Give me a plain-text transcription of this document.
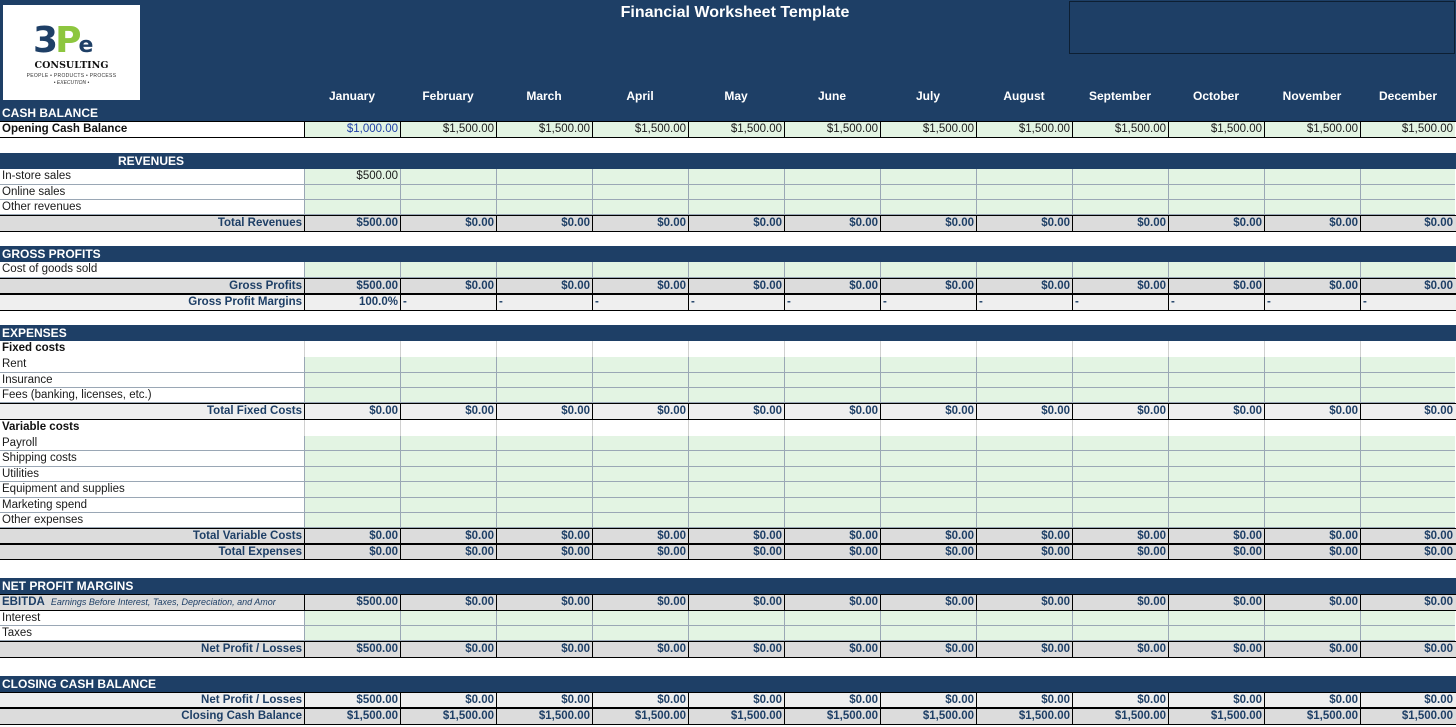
3Pe
CONSULTING
PEOPLE • PRODUCTS • PROCESS
• EXECUTION •
Financial Worksheet Template
CASH BALANCE
January	February	March	April	May	June	July	August	September	October	November	December
Opening Cash Balance	$1,000.00	$1,500.00	$1,500.00	$1,500.00	$1,500.00	$1,500.00	$1,500.00	$1,500.00	$1,500.00	$1,500.00	$1,500.00	$1,500.00
REVENUES
In-store sales	$500.00
Online sales
Other revenues
Total Revenues	$500.00	$0.00	$0.00	$0.00	$0.00	$0.00	$0.00	$0.00	$0.00	$0.00	$0.00	$0.00
GROSS PROFITS
Cost of goods sold
Gross Profits	$500.00	$0.00	$0.00	$0.00	$0.00	$0.00	$0.00	$0.00	$0.00	$0.00	$0.00	$0.00
Gross Profit Margins	100.0% -	-	-	-	-	-	-	-	-	-	-
EXPENSES
Fixed costs
Rent
Insurance
Fees (banking, licenses, etc.)
Total Fixed Costs	$0.00	$0.00	$0.00	$0.00	$0.00	$0.00	$0.00	$0.00	$0.00	$0.00	$0.00	$0.00
Variable costs
Payroll
Shipping costs
Utilities
Equipment and supplies
Marketing spend
Other expenses
Total Variable Costs	$0.00	$0.00	$0.00	$0.00	$0.00	$0.00	$0.00	$0.00	$0.00	$0.00	$0.00	$0.00
Total Expenses	$0.00	$0.00	$0.00	$0.00	$0.00	$0.00	$0.00	$0.00	$0.00	$0.00	$0.00	$0.00
NET PROFIT MARGINS
EBITDA Earnings Before Interest, Taxes, Depreciation, and Amor	$500.00	$0.00	$0.00	$0.00	$0.00	$0.00	$0.00	$0.00	$0.00	$0.00	$0.00	$0.00
Interest
Taxes
Net Profit / Losses	$500.00	$0.00	$0.00	$0.00	$0.00	$0.00	$0.00	$0.00	$0.00	$0.00	$0.00	$0.00
CLOSING CASH BALANCE
Net Profit / Losses	$500.00	$0.00	$0.00	$0.00	$0.00	$0.00	$0.00	$0.00	$0.00	$0.00	$0.00	$0.00
Closing Cash Balance	$1,500.00	$1,500.00	$1,500.00	$1,500.00	$1,500.00	$1,500.00	$1,500.00	$1,500.00	$1,500.00	$1,500.00	$1,500.00	$1,500.00
